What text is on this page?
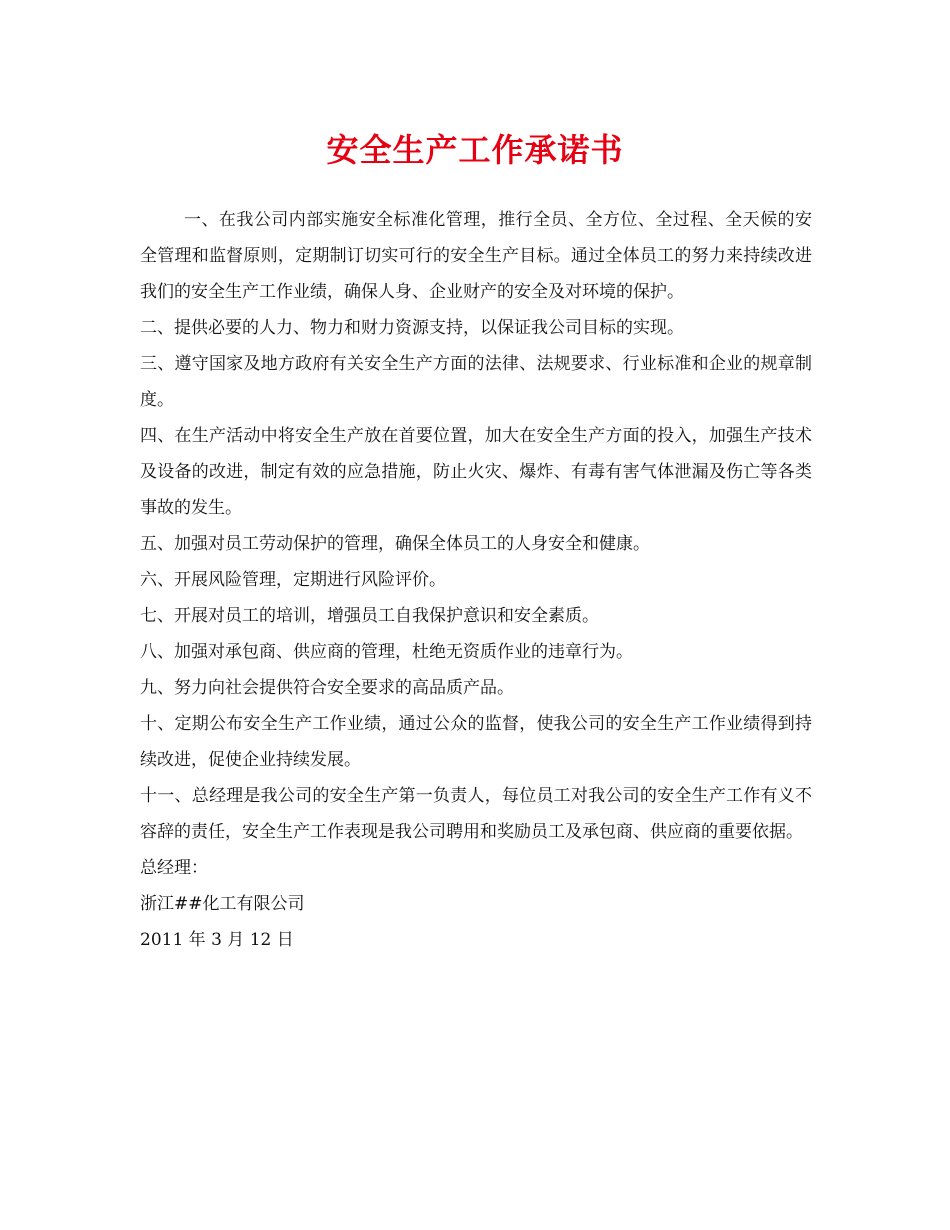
安全生产工作承诺书

一、在我公司内部实施安全标准化管理，推行全员、全方位、全过程、全天候的安全管理和监督原则，定期制订切实可行的安全生产目标。通过全体员工的努力来持续改进我们的安全生产工作业绩，确保人身、企业财产的安全及对环境的保护。

二、提供必要的人力、物力和财力资源支持，以保证我公司目标的实现。

三、遵守国家及地方政府有关安全生产方面的法律、法规要求、行业标准和企业的规章制度。

四、在生产活动中将安全生产放在首要位置，加大在安全生产方面的投入，加强生产技术及设备的改进，制定有效的应急措施，防止火灾、爆炸、有毒有害气体泄漏及伤亡等各类事故的发生。

五、加强对员工劳动保护的管理，确保全体员工的人身安全和健康。

六、开展风险管理，定期进行风险评价。

七、开展对员工的培训，增强员工自我保护意识和安全素质。

八、加强对承包商、供应商的管理，杜绝无资质作业的违章行为。

九、努力向社会提供符合安全要求的高品质产品。

十、定期公布安全生产工作业绩，通过公众的监督，使我公司的安全生产工作业绩得到持续改进，促使企业持续发展。

十一、总经理是我公司的安全生产第一负责人，每位员工对我公司的安全生产工作有义不容辞的责任，安全生产工作表现是我公司聘用和奖励员工及承包商、供应商的重要依据。

总经理：

浙江##化工有限公司

2011 年 3 月 12 日
